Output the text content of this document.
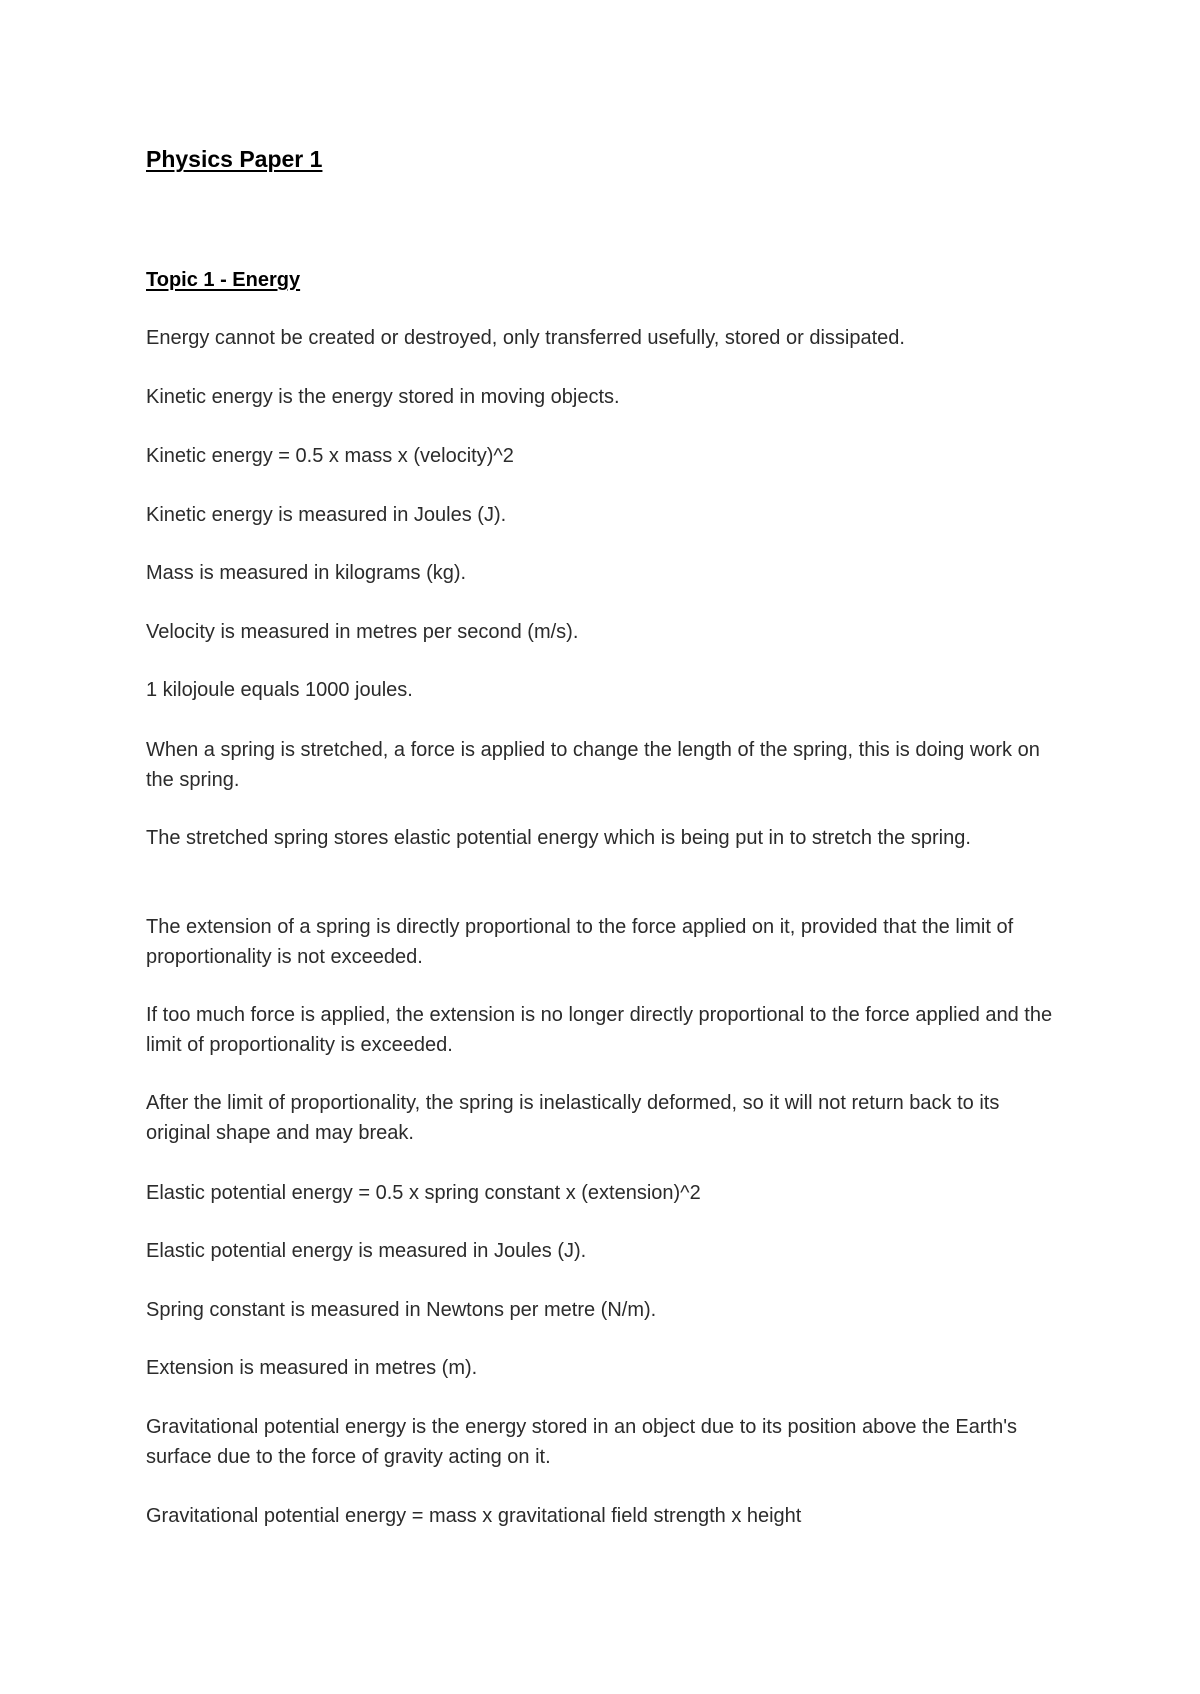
Physics Paper 1
Topic 1 - Energy

Energy cannot be created or destroyed, only transferred usefully, stored or dissipated.

Kinetic energy is the energy stored in moving objects.

Kinetic energy = 0.5 x mass x (velocity)^2

Kinetic energy is measured in Joules (J).

Mass is measured in kilograms (kg).

Velocity is measured in metres per second (m/s).

1 kilojoule equals 1000 joules.

When a spring is stretched, a force is applied to change the length of the spring, this is doing work on the spring.

The stretched spring stores elastic potential energy which is being put in to stretch the spring.

The extension of a spring is directly proportional to the force applied on it, provided that the limit of proportionality is not exceeded.

If too much force is applied, the extension is no longer directly proportional to the force applied and the limit of proportionality is exceeded.

After the limit of proportionality, the spring is inelastically deformed, so it will not return back to its original shape and may break.

Elastic potential energy = 0.5 x spring constant x (extension)^2

Elastic potential energy is measured in Joules (J).

Spring constant is measured in Newtons per metre (N/m).

Extension is measured in metres (m).

Gravitational potential energy is the energy stored in an object due to its position above the Earth's surface due to the force of gravity acting on it.

Gravitational potential energy = mass x gravitational field strength x height
